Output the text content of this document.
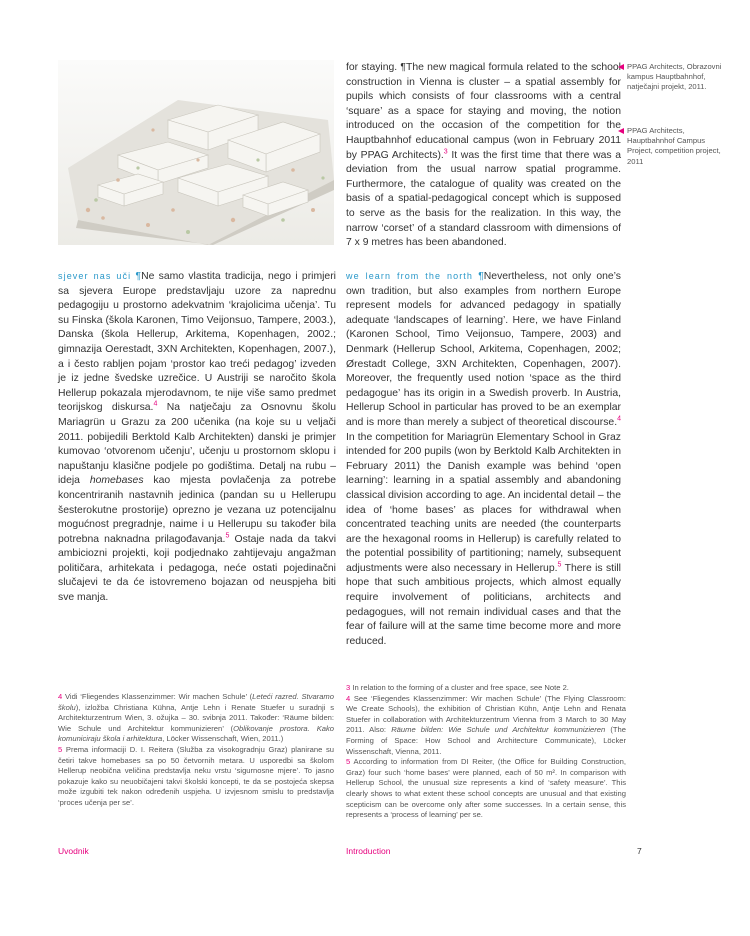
for staying. ¶The new magical formula related to the school construction in Vienna is cluster – a spatial assembly for pupils which consists of four classrooms with a central ‘square’ as a space for staying and moving, the notion introduced on the occasion of the competition for the Hauptbahnhof educational campus (won in February 2011 by PPAG Architects).$^3$ It was the first time that there was a deviation from the usual narrow spatial programme. Furthermore, the catalogue of quality was created on the basis of a spatial-pedagogical concept which is supposed to serve as the basis for the realization. In this way, the narrow ‘corset’ of a standard classroom with dimensions of 7 x 9 metres has been abandoned.
PPAG Architects, Obrazovni kampus Hauptbahnhof, natječajni projekt, 2011.
PPAG Architects, Hauptbahnhof Campus Project, competition project, 2011
sjever nas uči ¶Ne samo vlastita tradicija, nego i primjeri sa sjevera Europe predstavljaju uzore za naprednu pedagogiju u prostorno adekvatnim ‘krajolicima učenja’. Tu su Finska (škola Karonen, Timo Veijonsuo, Tampere, 2003.), Danska (škola Hellerup, Arkitema, Kopenhagen, 2002.; gimnazija Oerestadt, 3XN Architekten, Kopenhagen, 2007.), a i često rabljen pojam ‘prostor kao treći pedagog’ izveden je iz jedne švedske uzrečice. U Austriji se naročito škola Hellerup pokazala mjerodavnom, te nije više samo predmet teorijskog diskursa.$^4$ Na natječaju za Osnovnu školu Mariagrün u Grazu za 200 učenika (na koje su u veljači 2011. pobijedili Berktold Kalb Architekten) danski je primjer kumovao ‘otvorenom učenju’, učenju u prostornom sklopu i napuštanju klasične podjele po godištima. Detalj na rubu – ideja homebases kao mjesta povlačenja za potrebe koncentriranih nastavnih jedinica (pandan su u Hellerupu šesterokutne prostorije) oprezno je vezana uz potencijalnu mogućnost pregradnje, naime i u Hellerupu su također bila potrebna naknadna prilagođavanja.$^5$ Ostaje nada da takvi ambiciozni projekti, koji podjednako zahtijevaju angažman političara, arhitekata i pedagoga, neće ostati pojedinačni slučajevi te da će istovremeno bojazan od neuspjeha biti sve manja.
we learn from the north ¶Nevertheless, not only one’s own tradition, but also examples from northern Europe represent models for advanced pedagogy in spatially adequate ‘landscapes of learning’. Here, we have Finland (Karonen School, Timo Veijonsuo, Tampere, 2003) and Denmark (Hellerup School, Arkitema, Copenhagen, 2002; Ørestadt College, 3XN Architekten, Copenhagen, 2007). Moreover, the frequently used notion ‘space as the third pedagogue’ has its origin in a Swedish proverb. In Austria, Hellerup School in particular has proved to be an exemplar and is more than merely a subject of theoretical discourse.$^4$ In the competition for Mariagrün Elementary School in Graz intended for 200 pupils (won by Berktold Kalb Architekten in February 2011) the Danish example was behind ‘open learning’: learning in a spatial assembly and abandoning classical division according to age. An incidental detail – the idea of ‘home bases’ as places for withdrawal when concentrated teaching units are needed (the counterparts are the hexagonal rooms in Hellerup) is carefully related to the potential possibility of partitioning; namely, subsequent adjustments were also necessary in Hellerup.$^5$ There is still hope that such ambitious projects, which almost equally require involvement of politicians, architects and pedagogues, will not remain individual cases and that the fear of failure will at the same time become more and more reduced.
4 Vidi ‘Fliegendes Klassenzimmer: Wir machen Schule’ (Leteći razred. Stvaramo školu), izložba Christiana Kühna, Antje Lehn i Renate Stuefer u suradnji s Architekturzentrum Wien, 3. ožujka – 30. svibnja 2011. Također: ‘Räume bilden: Wie Schule und Architektur kommunizieren’ (Oblikovanje prostora. Kako komuniciraju škola i arhitektura, Löcker Wissenschaft, Wien, 2011.)
5 Prema informaciji D. I. Reitera (Služba za visokogradnju Graz) planirane su četiri takve homebases sa po 50 četvornih metara. U usporedbi sa školom Hellerup neobična veličina predstavlja neku vrstu ‘sigurnosne mjere’. To jasno pokazuje kako su neuobičajeni takvi školski koncepti, te da se postojeća skepsa može izgubiti tek nakon određenih uspjeha. U izvjesnom smislu to predstavlja ‘proces učenja per se’.
3 In relation to the forming of a cluster and free space, see Note 2.
4 See ‘Fliegendes Klassenzimmer: Wir machen Schule’ (The Flying Classroom: We Create Schools), the exhibition of Christian Kühn, Antje Lehn and Renata Stuefer in collaboration with Architekturzentrum Vienna from 3 March to 30 May 2011. Also: Räume bilden: Wie Schule und Architektur kommunizieren (The Forming of Space: How School and Architecture Communicate), Löcker Wissenschaft, Vienna, 2011.
5 According to information from DI Reiter, (the Office for Building Construction, Graz) four such ‘home bases’ were planned, each of 50 m². In comparison with Hellerup School, the unusual size represents a kind of ‘safety measure’. This clearly shows to what extent these school concepts are unusual and that existing scepticism can be overcome only after some successes. In a certain sense, this represents a ‘process of learning’ per se.
Uvodnik	Introduction	7
